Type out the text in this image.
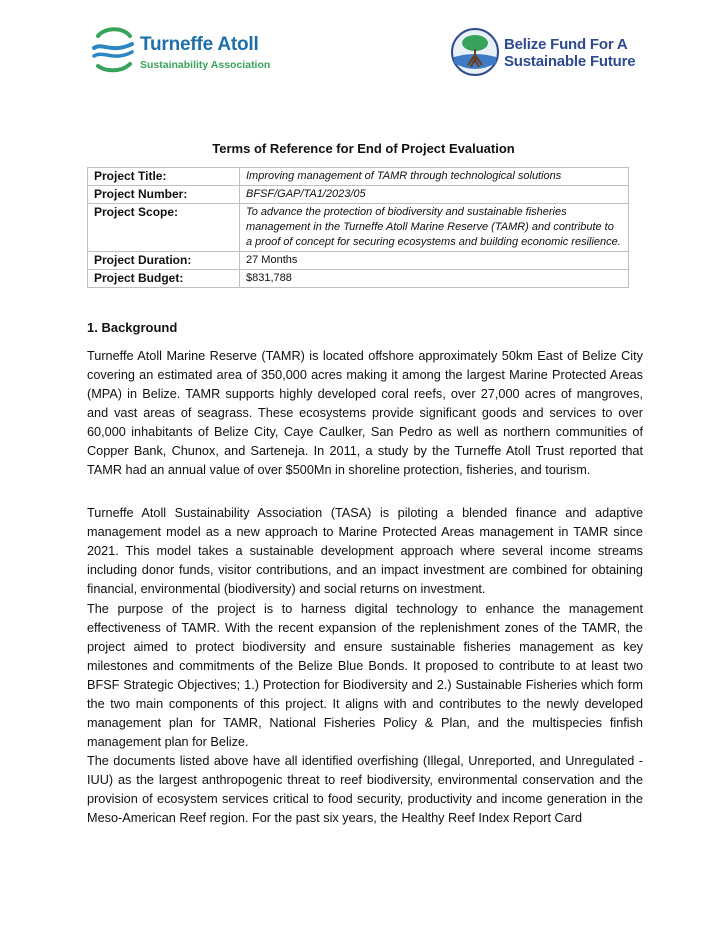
Turneffe Atoll
Sustainability Association
Belize Fund For A
Sustainable Future
Terms of Reference for End of Project Evaluation
Project Title:	Improving management of TAMR through technological solutions
Project Number:	BFSF/GAP/TA1/2023/05
Project Scope:	To advance the protection of biodiversity and sustainable fisheries management in the Turneffe Atoll Marine Reserve (TAMR) and contribute to a proof of concept for securing ecosystems and building economic resilience.
Project Duration:	27 Months
Project Budget:	$831,788
1. Background

Turneffe Atoll Marine Reserve (TAMR) is located offshore approximately 50km East of Belize City covering an estimated area of 350,000 acres making it among the largest Marine Protected Areas (MPA) in Belize. TAMR supports highly developed coral reefs, over 27,000 acres of mangroves, and vast areas of seagrass. These ecosystems provide significant goods and services to over 60,000 inhabitants of Belize City, Caye Caulker, San Pedro as well as northern communities of Copper Bank, Chunox, and Sarteneja. In 2011, a study by the Turneffe Atoll Trust reported that TAMR had an annual value of over $500Mn in shoreline protection, fisheries, and tourism.

Turneffe Atoll Sustainability Association (TASA) is piloting a blended finance and adaptive management model as a new approach to Marine Protected Areas management in TAMR since 2021. This model takes a sustainable development approach where several income streams including donor funds, visitor contributions, and an impact investment are combined for obtaining financial, environmental (biodiversity) and social returns on investment.

The purpose of the project is to harness digital technology to enhance the management effectiveness of TAMR. With the recent expansion of the replenishment zones of the TAMR, the project aimed to protect biodiversity and ensure sustainable fisheries management as key milestones and commitments of the Belize Blue Bonds. It proposed to contribute to at least two BFSF Strategic Objectives; 1.) Protection for Biodiversity and 2.) Sustainable Fisheries which form the two main components of this project. It aligns with and contributes to the newly developed management plan for TAMR, National Fisheries Policy & Plan, and the multispecies finfish management plan for Belize.

The documents listed above have all identified overfishing (Illegal, Unreported, and Unregulated - IUU) as the largest anthropogenic threat to reef biodiversity, environmental conservation and the provision of ecosystem services critical to food security, productivity and income generation in the Meso-American Reef region. For the past six years, the Healthy Reef Index Report Card
